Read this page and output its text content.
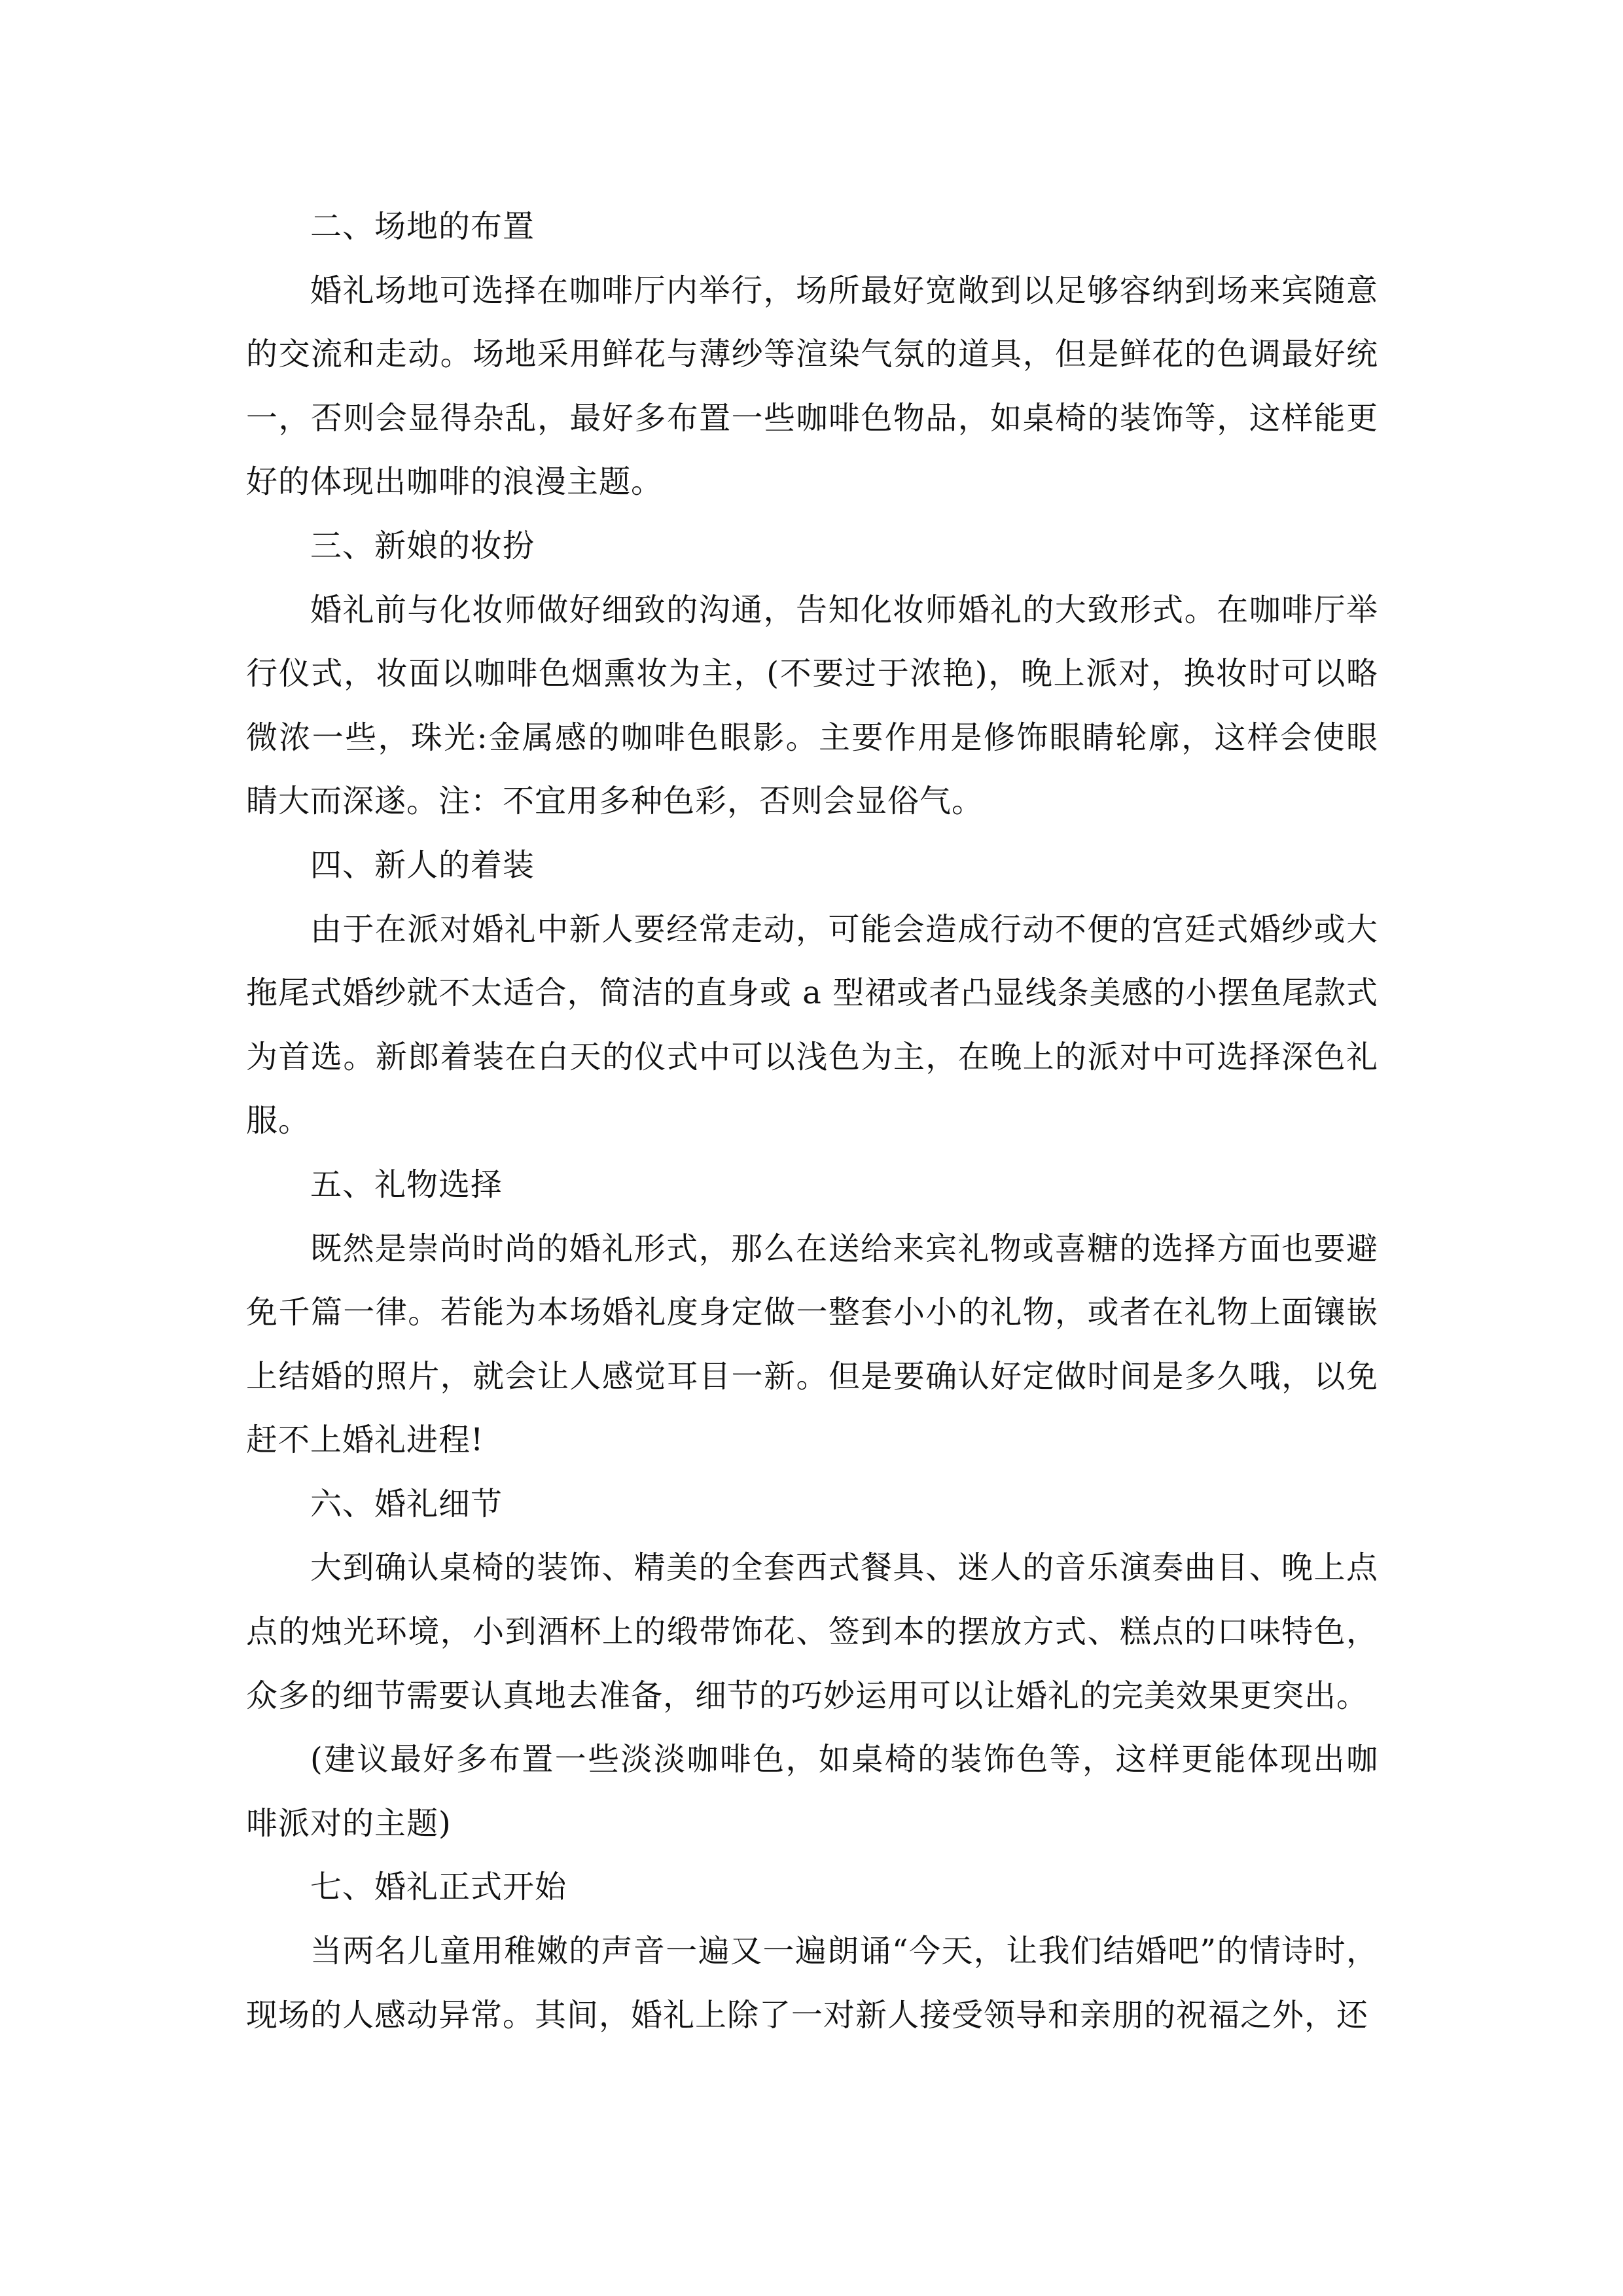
二、场地的布置

婚礼场地可选择在咖啡厅内举行，场所最好宽敞到以足够容纳到场来宾随意的交流和走动。场地采用鲜花与薄纱等渲染气氛的道具，但是鲜花的色调最好统一，否则会显得杂乱，最好多布置一些咖啡色物品，如桌椅的装饰等，这样能更好的体现出咖啡的浪漫主题。

三、新娘的妆扮

婚礼前与化妆师做好细致的沟通，告知化妆师婚礼的大致形式。在咖啡厅举行仪式，妆面以咖啡色烟熏妆为主，(不要过于浓艳)，晚上派对，换妆时可以略微浓一些，珠光:金属感的咖啡色眼影。主要作用是修饰眼睛轮廓，这样会使眼睛大而深遂。注：不宜用多种色彩，否则会显俗气。

四、新人的着装

由于在派对婚礼中新人要经常走动，可能会造成行动不便的宫廷式婚纱或大拖尾式婚纱就不太适合，简洁的直身或 a 型裙或者凸显线条美感的小摆鱼尾款式为首选。新郎着装在白天的仪式中可以浅色为主，在晚上的派对中可选择深色礼服。

五、礼物选择

既然是崇尚时尚的婚礼形式，那么在送给来宾礼物或喜糖的选择方面也要避免千篇一律。若能为本场婚礼度身定做一整套小小的礼物，或者在礼物上面镶嵌上结婚的照片，就会让人感觉耳目一新。但是要确认好定做时间是多久哦，以免赶不上婚礼进程!

六、婚礼细节

大到确认桌椅的装饰、精美的全套西式餐具、迷人的音乐演奏曲目、晚上点点的烛光环境，小到酒杯上的缎带饰花、签到本的摆放方式、糕点的口味特色，众多的细节需要认真地去准备，细节的巧妙运用可以让婚礼的完美效果更突出。

(建议最好多布置一些淡淡咖啡色，如桌椅的装饰色等，这样更能体现出咖啡派对的主题)

七、婚礼正式开始

当两名儿童用稚嫩的声音一遍又一遍朗诵“今天，让我们结婚吧”的情诗时，现场的人感动异常。其间，婚礼上除了一对新人接受领导和亲朋的祝福之外，还
